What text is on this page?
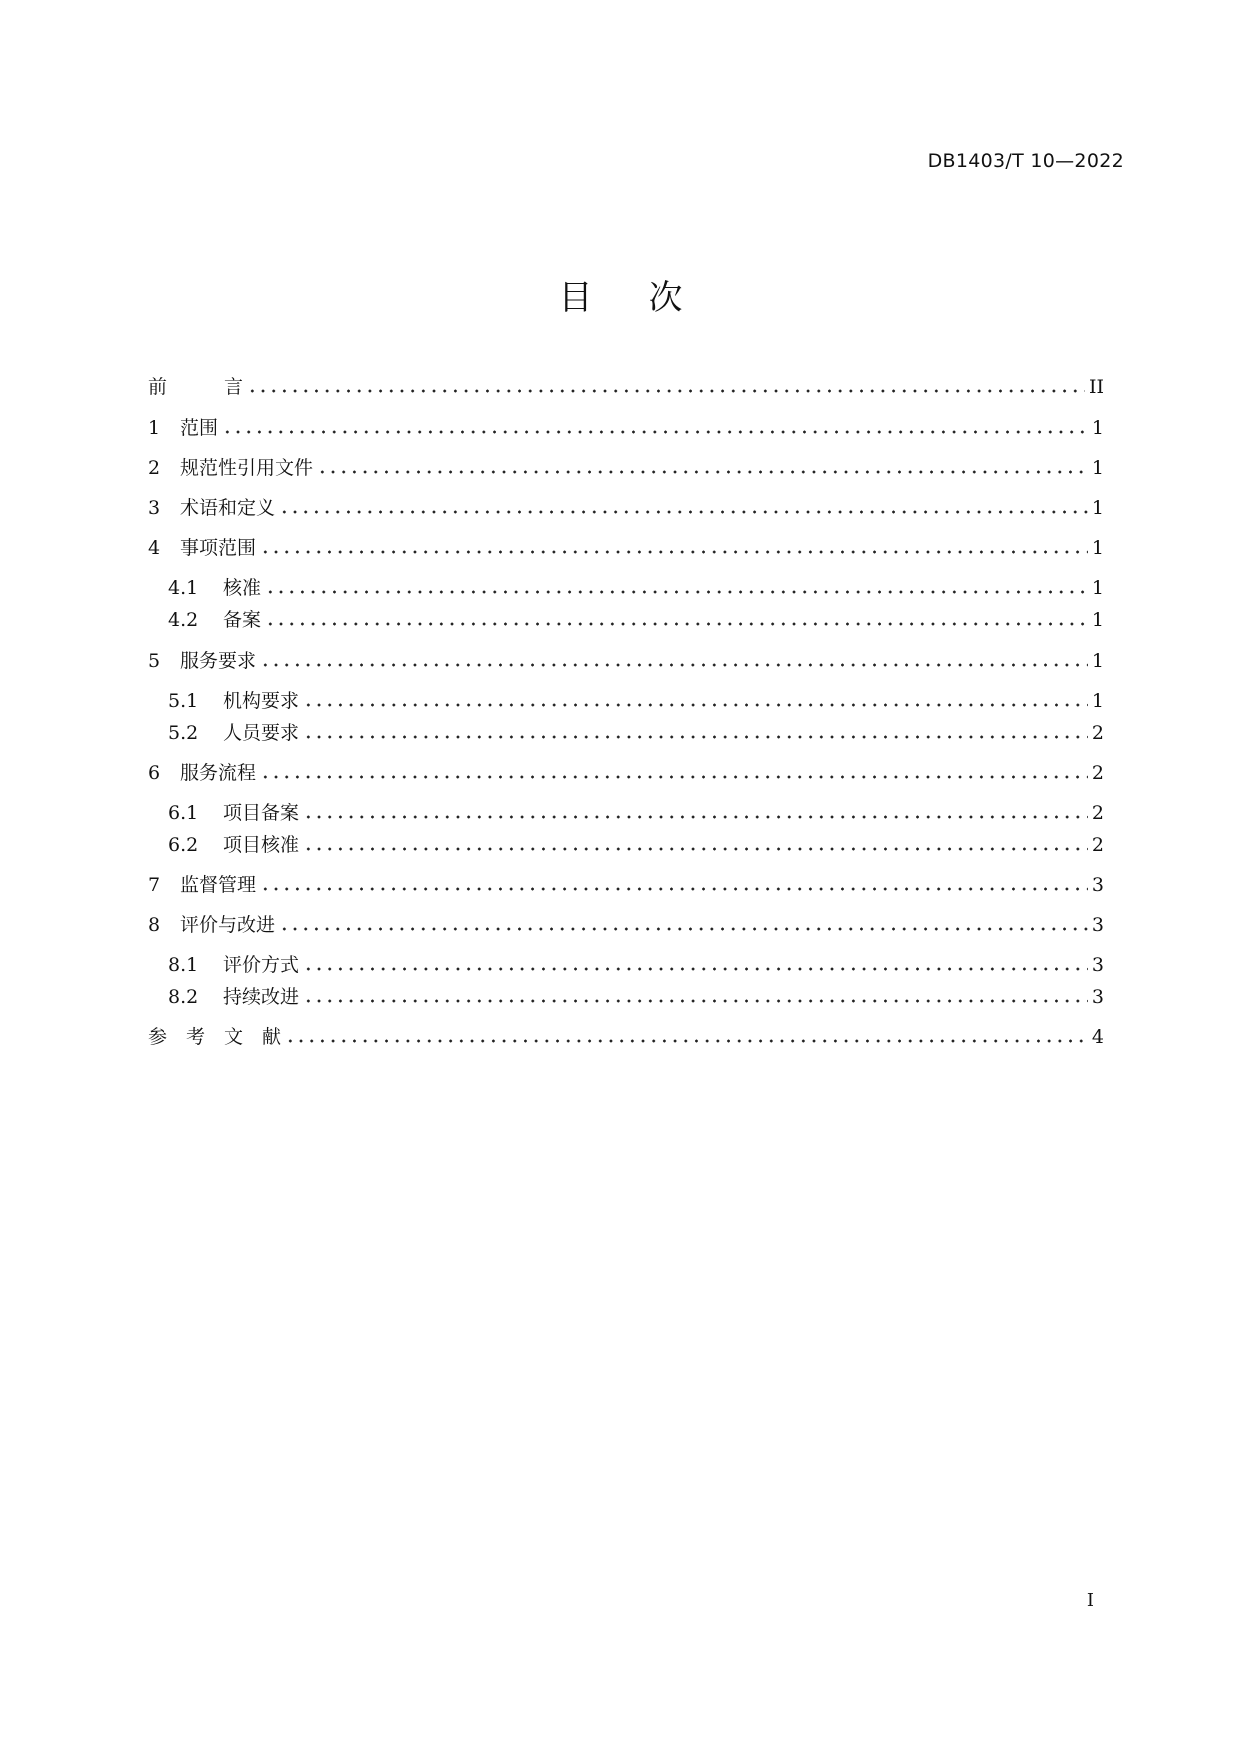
DB1403/T 10—2022
目次
前　　　言	II
1	范围	1
2	规范性引用文件	1
3	术语和定义	1
4	事项范围	1
4.1	核准	1
4.2	备案	1
5	服务要求	1
5.1	机构要求	1
5.2	人员要求	2
6	服务流程	2
6.1	项目备案	2
6.2	项目核准	2
7	监督管理	3
8	评价与改进	3
8.1	评价方式	3
8.2	持续改进	3
参　考　文　献	4
I
